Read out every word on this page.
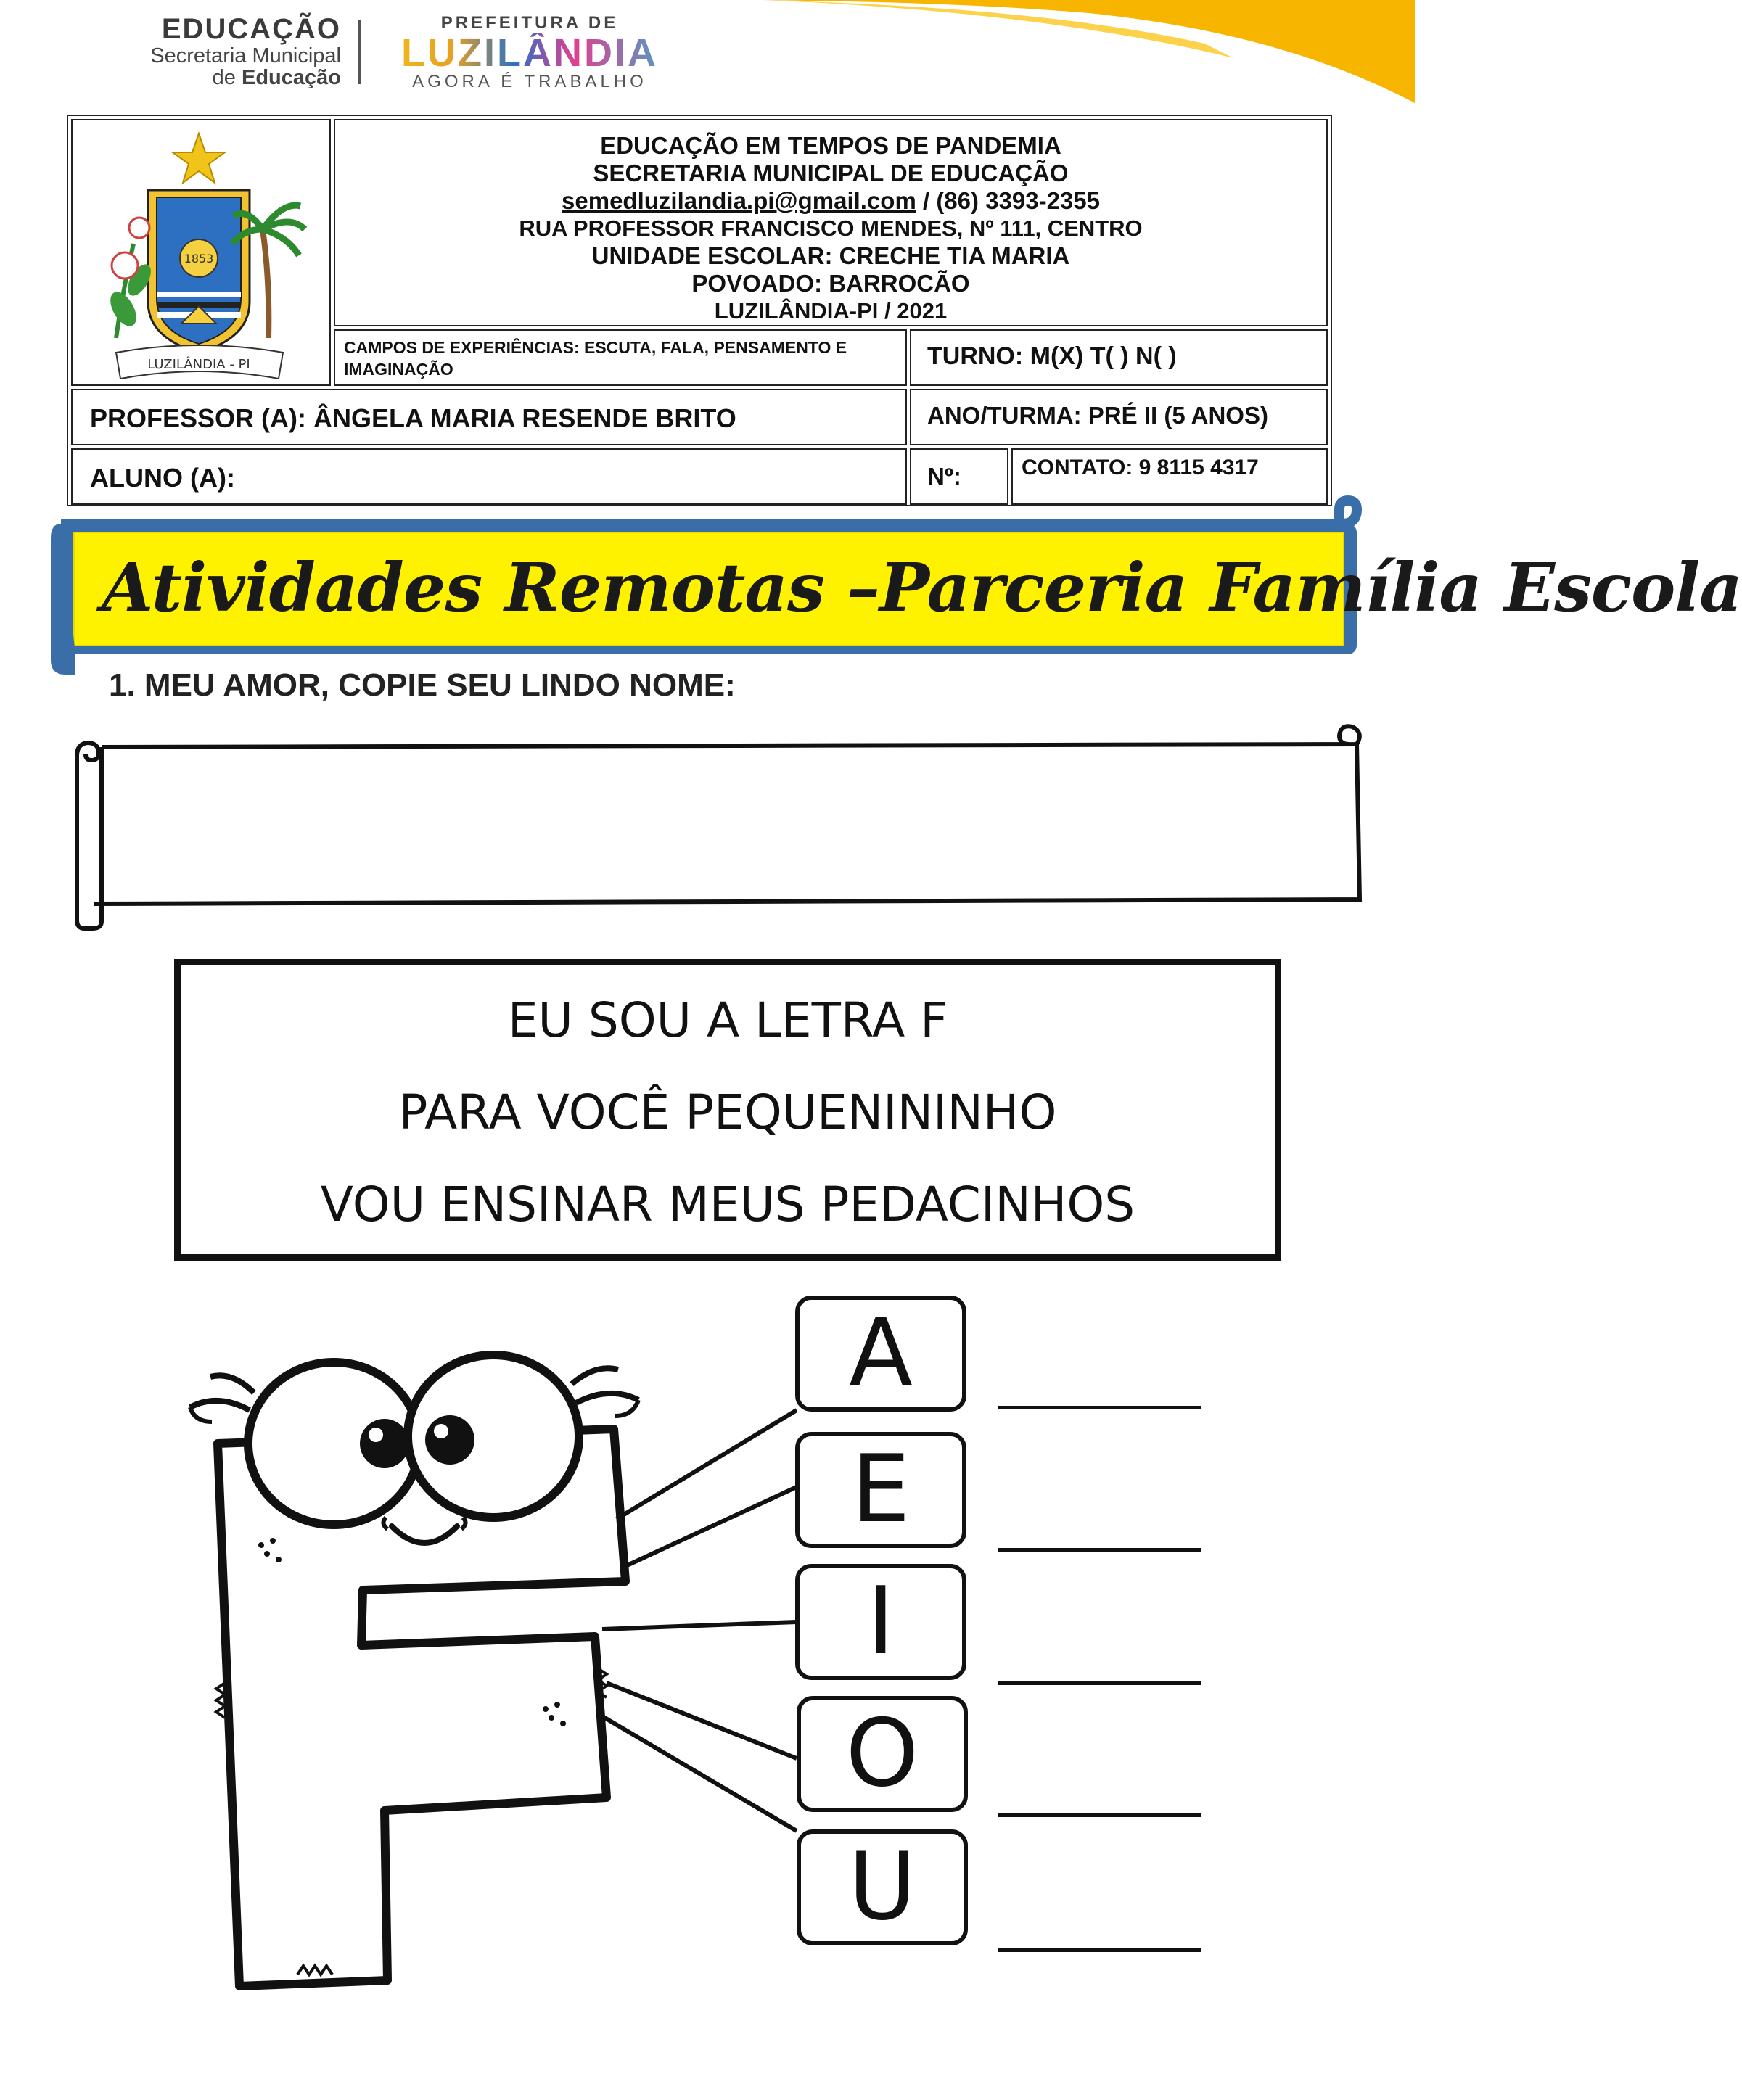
EDUCAÇÃO
Secretaria Municipal
de Educação
PREFEITURA DE
LUZILÂNDIA
AGORA É TRABALHO
1853
LUZILÂNDIA - PI
EDUCAÇÃO EM TEMPOS DE PANDEMIA
SECRETARIA MUNICIPAL DE EDUCAÇÃO
semedluzilandia.pi@gmail.com / (86) 3393-2355
RUA PROFESSOR FRANCISCO MENDES, Nº 111, CENTRO
UNIDADE ESCOLAR: CRECHE TIA MARIA
POVOADO: BARROCÃO
LUZILÂNDIA-PI / 2021
CAMPOS DE EXPERIÊNCIAS: ESCUTA, FALA, PENSAMENTO E IMAGINAÇÃO	TURNO: M(X) T( ) N( )
PROFESSOR (A): ÂNGELA MARIA RESENDE BRITO	ANO/TURMA: PRÉ II (5 ANOS)
ALUNO (A):	Nº:	CONTATO: 9 8115 4317
Atividades Remotas –Parceria Família Escola
1. MEU AMOR, COPIE SEU LINDO NOME:
EU SOU A LETRA F
PARA VOCÊ PEQUENININHO
VOU ENSINAR MEUS PEDACINHOS
A
E
I
O
U
